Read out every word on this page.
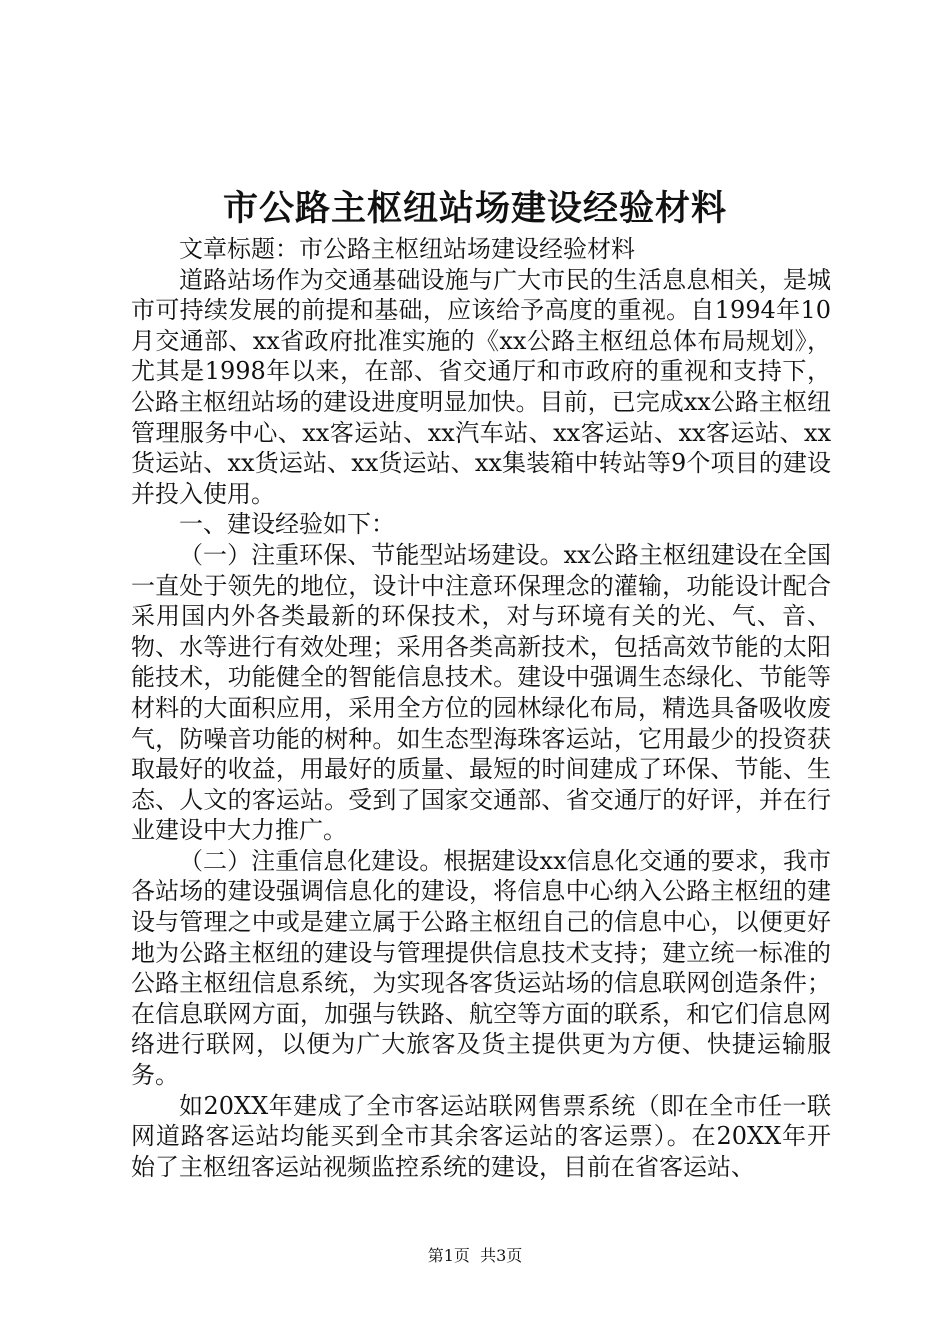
市公路主枢纽站场建设经验材料

文章标题：市公路主枢纽站场建设经验材料

道路站场作为交通基础设施与广大市民的生活息息相关，是城市可持续发展的前提和基础，应该给予高度的重视。自1994年10月交通部、xx省政府批准实施的《xx公路主枢纽总体布局规划》，尤其是1998年以来，在部、省交通厅和市政府的重视和支持下，公路主枢纽站场的建设进度明显加快。目前，已完成xx公路主枢纽管理服务中心、xx客运站、xx汽车站、xx客运站、xx客运站、xx货运站、xx货运站、xx货运站、xx集装箱中转站等9个项目的建设并投入使用。

一、建设经验如下：

（一）注重环保、节能型站场建设。xx公路主枢纽建设在全国一直处于领先的地位，设计中注意环保理念的灌输，功能设计配合采用国内外各类最新的环保技术，对与环境有关的光、气、音、物、水等进行有效处理；采用各类高新技术，包括高效节能的太阳能技术，功能健全的智能信息技术。建设中强调生态绿化、节能等材料的大面积应用，采用全方位的园林绿化布局，精选具备吸收废气，防噪音功能的树种。如生态型海珠客运站，它用最少的投资获取最好的收益，用最好的质量、最短的时间建成了环保、节能、生态、人文的客运站。受到了国家交通部、省交通厅的好评，并在行业建设中大力推广。

（二）注重信息化建设。根据建设xx信息化交通的要求，我市各站场的建设强调信息化的建设，将信息中心纳入公路主枢纽的建设与管理之中或是建立属于公路主枢纽自己的信息中心，以便更好地为公路主枢纽的建设与管理提供信息技术支持；建立统一标准的公路主枢纽信息系统，为实现各客货运站场的信息联网创造条件；在信息联网方面，加强与铁路、航空等方面的联系，和它们信息网络进行联网，以便为广大旅客及货主提供更为方便、快捷运输服务。

如20XX年建成了全市客运站联网售票系统（即在全市任一联网道路客运站均能买到全市其余客运站的客运票）。在20XX年开始了主枢纽客运站视频监控系统的建设，目前在省客运站、

第1页  共3页
